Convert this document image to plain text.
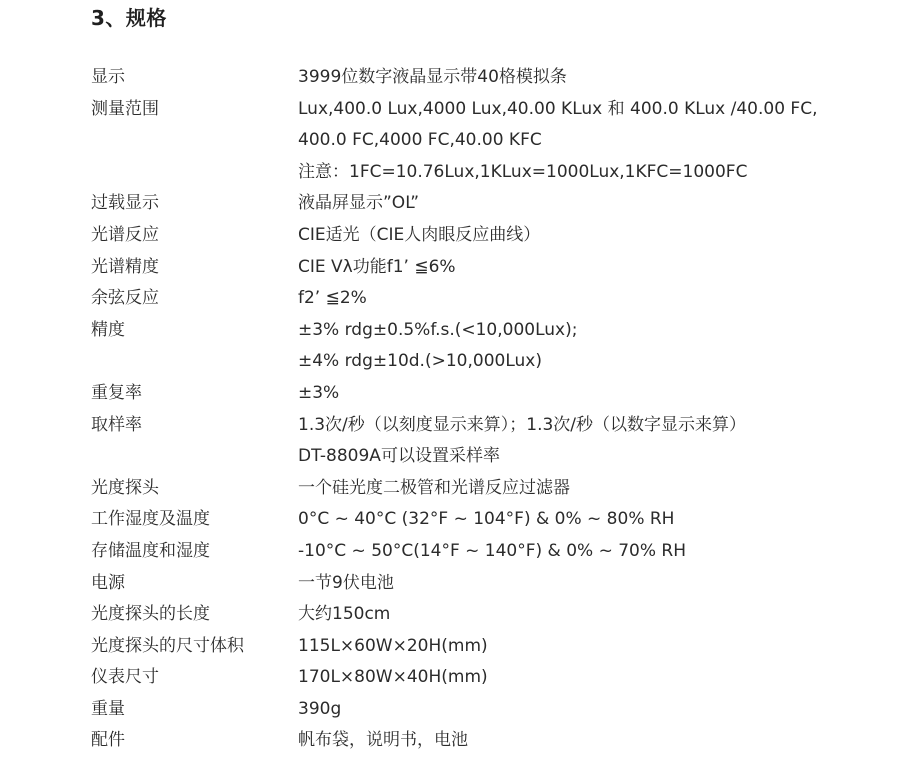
3、规格
显示	3999位数字液晶显示带40格模拟条
测量范围	Lux,400.0 Lux,4000 Lux,40.00 KLux 和 400.0 KLux /40.00 FC,
400.0 FC,4000 FC,40.00 KFC
注意：1FC=10.76Lux,1KLux=1000Lux,1KFC=1000FC
过载显示	液晶屏显示”OL”
光谱反应	CIE适光（CIE人肉眼反应曲线）
光谱精度	CIE Vλ功能f1’ ≦6%
余弦反应	f2’ ≦2%
精度	±3% rdg±0.5%f.s.(<10,000Lux);
±4% rdg±10d.(>10,000Lux)
重复率	±3%
取样率	1.3次/秒（以刻度显示来算）；1.3次/秒（以数字显示来算）
DT-8809A可以设置采样率
光度探头	一个硅光度二极管和光谱反应过滤器
工作湿度及温度	0°C ~ 40°C (32°F ~ 104°F) & 0% ~ 80% RH
存储温度和湿度	-10°C ~ 50°C(14°F ~ 140°F) & 0% ~ 70% RH
电源	一节9伏电池
光度探头的长度	大约150cm
光度探头的尺寸体积	115L×60W×20H(mm)
仪表尺寸	170L×80W×40H(mm)
重量	390g
配件	帆布袋，说明书，电池
